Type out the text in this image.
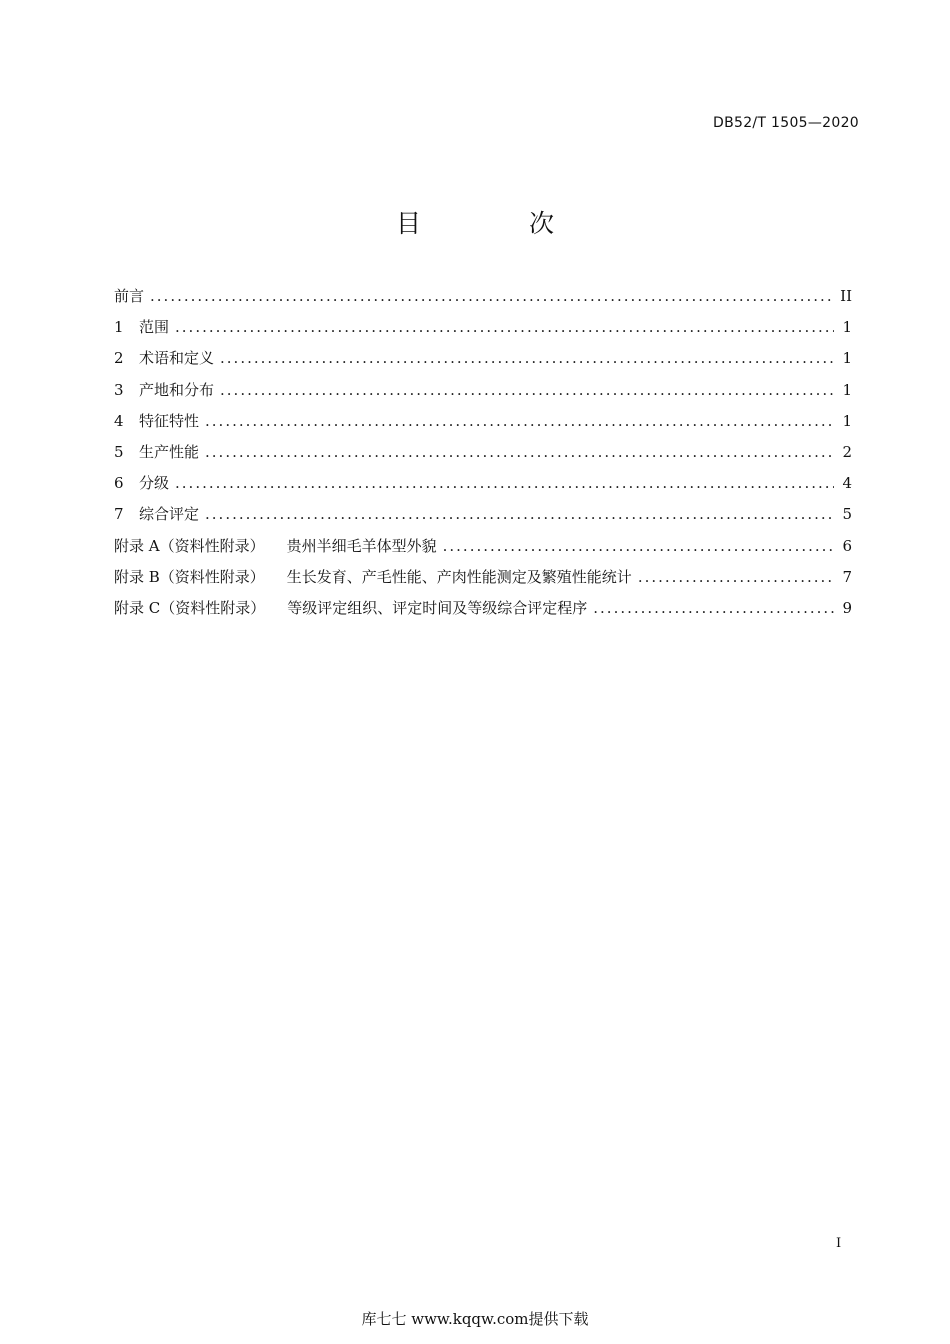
DB52/T 1505—2020
目 次
前言 .....	II
1	范围 .....	1
2	术语和定义 .....	1
3	产地和分布 .....	1
4	特征特性 .....	1
5	生产性能 .....	2
6	分级 .....	4
7	综合评定 .....	5
附录 A（资料性附录） 贵州半细毛羊体型外貌 .....	6
附录 B（资料性附录） 生长发育、产毛性能、产肉性能测定及繁殖性能统计 .....	7
附录 C（资料性附录） 等级评定组织、评定时间及等级综合评定程序 .....	9
I
库七七 www.kqqw.com提供下载
